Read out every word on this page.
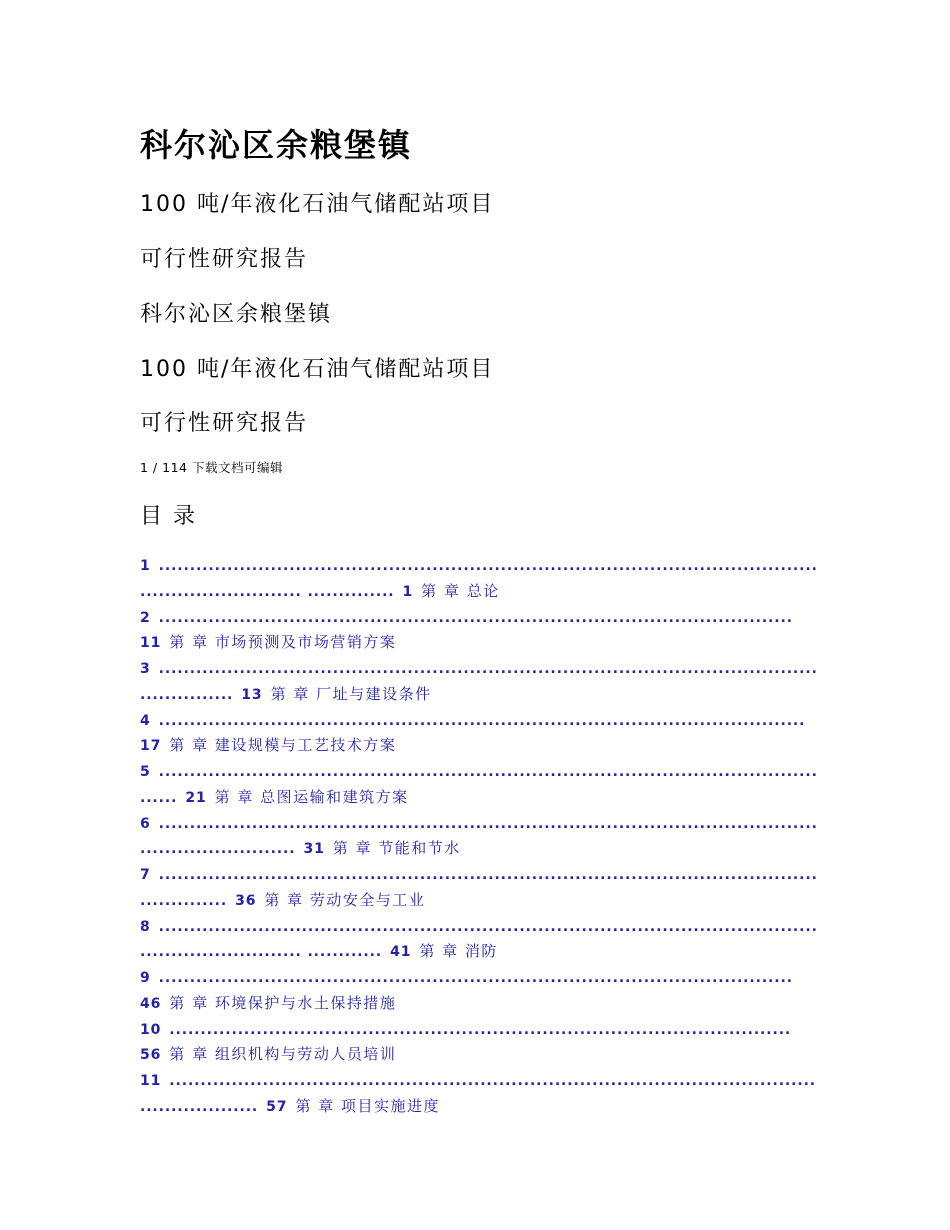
科尔沁区余粮堡镇
100 吨/年液化石油气储配站项目
可行性研究报告
科尔沁区余粮堡镇
100 吨/年液化石油气储配站项目
可行性研究报告
1 / 114 下载文档可编辑
目 录
1 ..........................................................................................................
.......................... .............. 1 第 章 总论
2 ......................................................................................................
11 第 章 市场预测及市场营销方案
3 ..........................................................................................................
............... 13 第 章 厂址与建设条件
4 ........................................................................................................
17 第 章 建设规模与工艺技术方案
5 ..........................................................................................................
...... 21 第 章 总图运输和建筑方案
6 ..........................................................................................................
......................... 31 第 章 节能和节水
7 ..........................................................................................................
.............. 36 第 章 劳动安全与工业
8 ..........................................................................................................
.......................... ............ 41 第 章 消防
9 ......................................................................................................
46 第 章 环境保护与水土保持措施
10 ....................................................................................................
56 第 章 组织机构与劳动人员培训
11 ........................................................................................................
................... 57 第 章 项目实施进度
